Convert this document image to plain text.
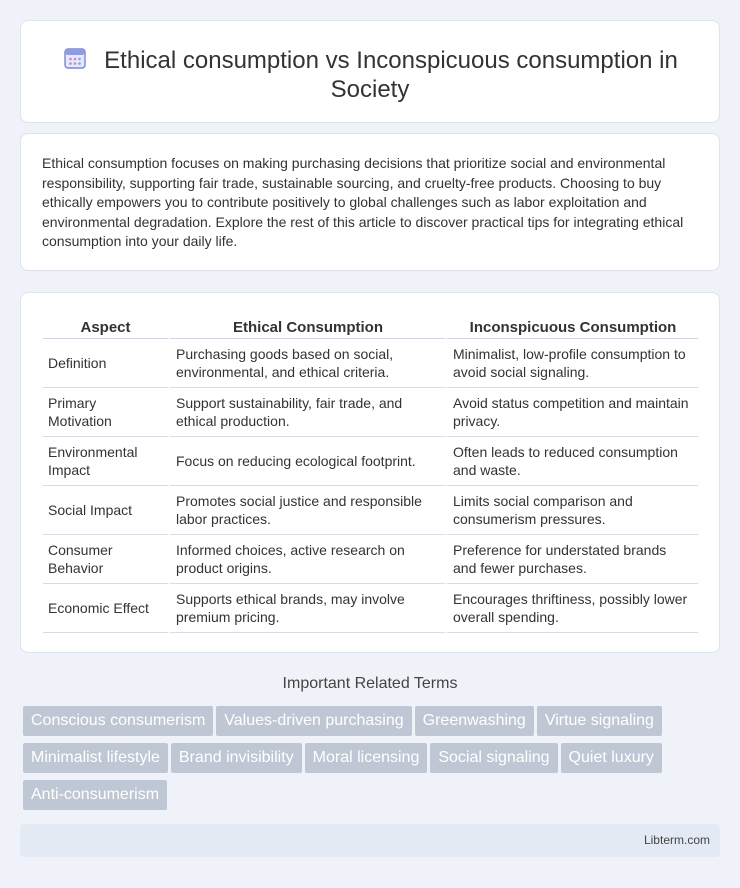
Ethical consumption vs Inconspicuous consumption in Society

Ethical consumption focuses on making purchasing decisions that prioritize social and environmental responsibility, supporting fair trade, sustainable sourcing, and cruelty-free products. Choosing to buy ethically empowers you to contribute positively to global challenges such as labor exploitation and environmental degradation. Explore the rest of this article to discover practical tips for integrating ethical consumption into your daily life.

Aspect	Ethical Consumption	Inconspicuous Consumption
Definition	Purchasing goods based on social, environmental, and ethical criteria.	Minimalist, low-profile consumption to avoid social signaling.
Primary Motivation	Support sustainability, fair trade, and ethical production.	Avoid status competition and maintain privacy.
Environmental Impact	Focus on reducing ecological footprint.	Often leads to reduced consumption and waste.
Social Impact	Promotes social justice and responsible labor practices.	Limits social comparison and consumerism pressures.
Consumer Behavior	Informed choices, active research on product origins.	Preference for understated brands and fewer purchases.
Economic Effect	Supports ethical brands, may involve premium pricing.	Encourages thriftiness, possibly lower overall spending.
Important Related Terms
Conscious consumerism	Values-driven purchasing	Greenwashing	Virtue signaling
Minimalist lifestyle	Brand invisibility	Moral licensing	Social signaling	Quiet luxury
Anti-consumerism
Libterm.com
